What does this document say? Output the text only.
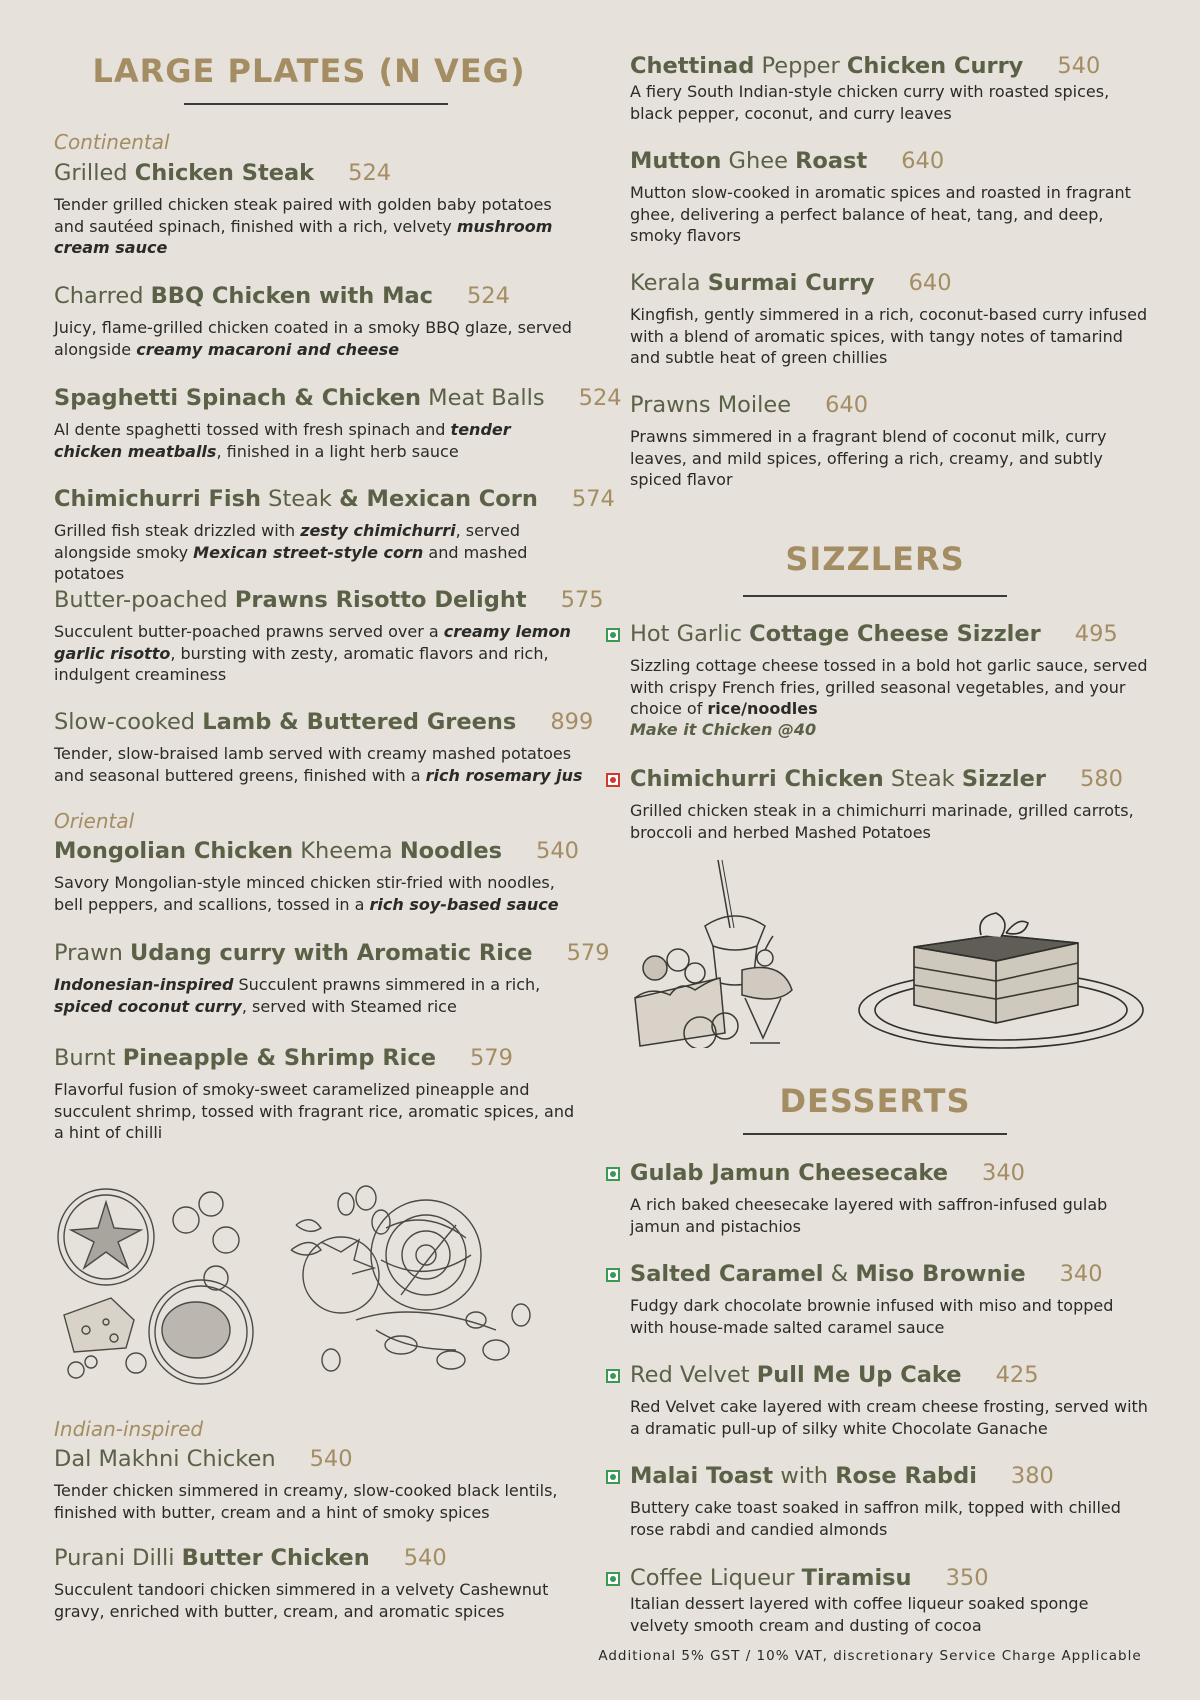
LARGE PLATES (N VEG)

Continental

Grilled Chicken Steak 524
Tender grilled chicken steak paired with golden baby potatoes and sautéed spinach, finished with a rich, velvety mushroom cream sauce
Charred BBQ Chicken with Mac 524
Juicy, flame-grilled chicken coated in a smoky BBQ glaze, served alongside creamy macaroni and cheese
Spaghetti Spinach & Chicken Meat Balls 524
Al dente spaghetti tossed with fresh spinach and tender chicken meatballs, finished in a light herb sauce
Chimichurri Fish Steak & Mexican Corn 574
Grilled fish steak drizzled with zesty chimichurri, served alongside smoky Mexican street-style corn and mashed potatoes
Butter-poached Prawns Risotto Delight 575
Succulent butter-poached prawns served over a creamy lemon garlic risotto, bursting with zesty, aromatic flavors and rich, indulgent creaminess
Slow-cooked Lamb & Buttered Greens 899
Tender, slow-braised lamb served with creamy mashed potatoes and seasonal buttered greens, finished with a rich rosemary jus

Oriental

Mongolian Chicken Kheema Noodles 540
Savory Mongolian-style minced chicken stir-fried with noodles, bell peppers, and scallions, tossed in a rich soy-based sauce
Prawn Udang curry with Aromatic Rice 579
Indonesian-inspired Succulent prawns simmered in a rich, spiced coconut curry, served with Steamed rice
Burnt Pineapple & Shrimp Rice 579
Flavorful fusion of smoky-sweet caramelized pineapple and succulent shrimp, tossed with fragrant rice, aromatic spices, and a hint of chilli

Indian-inspired

Dal Makhni Chicken 540
Tender chicken simmered in creamy, slow-cooked black lentils, finished with butter, cream and a hint of smoky spices
Purani Dilli Butter Chicken 540
Succulent tandoori chicken simmered in a velvety Cashewnut gravy, enriched with butter, cream, and aromatic spices
Chettinad Pepper Chicken Curry 540
A fiery South Indian-style chicken curry with roasted spices, black pepper, coconut, and curry leaves
Mutton Ghee Roast 640
Mutton slow-cooked in aromatic spices and roasted in fragrant ghee, delivering a perfect balance of heat, tang, and deep, smoky flavors
Kerala Surmai Curry 640
Kingfish, gently simmered in a rich, coconut-based curry infused with a blend of aromatic spices, with tangy notes of tamarind and subtle heat of green chillies
Prawns Moilee 640
Prawns simmered in a fragrant blend of coconut milk, curry leaves, and mild spices, offering a rich, creamy, and subtly spiced flavor
SIZZLERS
Hot Garlic Cottage Cheese Sizzler 495
Sizzling cottage cheese tossed in a bold hot garlic sauce, served with crispy French fries, grilled seasonal vegetables, and your choice of rice/noodles
Make it Chicken @40
Chimichurri Chicken Steak Sizzler 580
Grilled chicken steak in a chimichurri marinade, grilled carrots, broccoli and herbed Mashed Potatoes
DESSERTS
Gulab Jamun Cheesecake 340
A rich baked cheesecake layered with saffron-infused gulab jamun and pistachios
Salted Caramel & Miso Brownie 340
Fudgy dark chocolate brownie infused with miso and topped with house-made salted caramel sauce
Red Velvet Pull Me Up Cake 425
Red Velvet cake layered with cream cheese frosting, served with a dramatic pull-up of silky white Chocolate Ganache
Malai Toast with Rose Rabdi 380
Buttery cake toast soaked in saffron milk, topped with chilled rose rabdi and candied almonds
Coffee Liqueur Tiramisu 350
Italian dessert layered with coffee liqueur soaked sponge velvety smooth cream and dusting of cocoa
Additional 5% GST / 10% VAT, discretionary Service Charge Applicable
